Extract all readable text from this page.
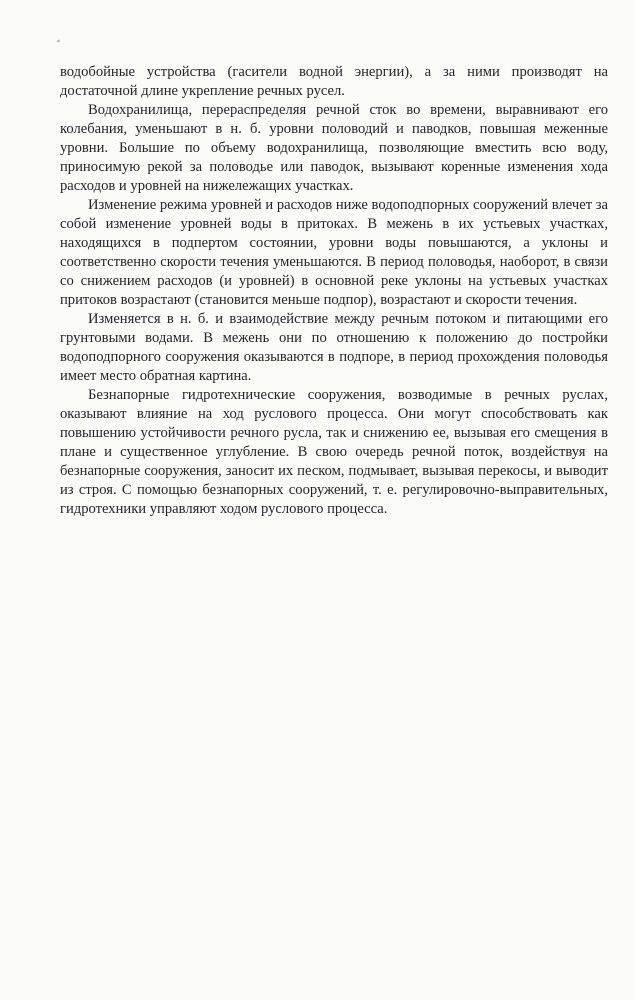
водобойные устройства (гасители водной энергии), а за ними производят на достаточной длине укрепление речных русел.

Водохранилища, перераспределяя речной сток во времени, выравнивают его колебания, уменьшают в н. б. уровни половодий и паводков, повышая меженные уровни. Большие по объему водохранилища, позволяющие вместить всю воду, приносимую рекой за половодье или паводок, вызывают коренные изменения хода расходов и уровней на нижележащих участках.

Изменение режима уровней и расходов ниже водоподпорных сооружений влечет за собой изменение уровней воды в притоках. В межень в их устьевых участках, находящихся в подпертом состоянии, уровни воды повышаются, а уклоны и соответственно скорости течения уменьшаются. В период половодья, наоборот, в связи со снижением расходов (и уровней) в основной реке уклоны на устьевых участках притоков возрастают (становится меньше подпор), возрастают и скорости течения.

Изменяется в н. б. и взаимодействие между речным потоком и питающими его грунтовыми водами. В межень они по отношению к положению до постройки водоподпорного сооружения оказываются в подпоре, в период прохождения половодья имеет место обратная картина.

Безнапорные гидротехнические сооружения, возводимые в речных руслах, оказывают влияние на ход руслового процесса. Они могут способствовать как повышению устойчивости речного русла, так и снижению ее, вызывая его смещения в плане и существенное углубление. В свою очередь речной поток, воздействуя на безнапорные сооружения, заносит их песком, подмывает, вызывая перекосы, и выводит из строя. С помощью безнапорных сооружений, т. е. регулировочно-выправительных, гидротехники управляют ходом руслового процесса.
